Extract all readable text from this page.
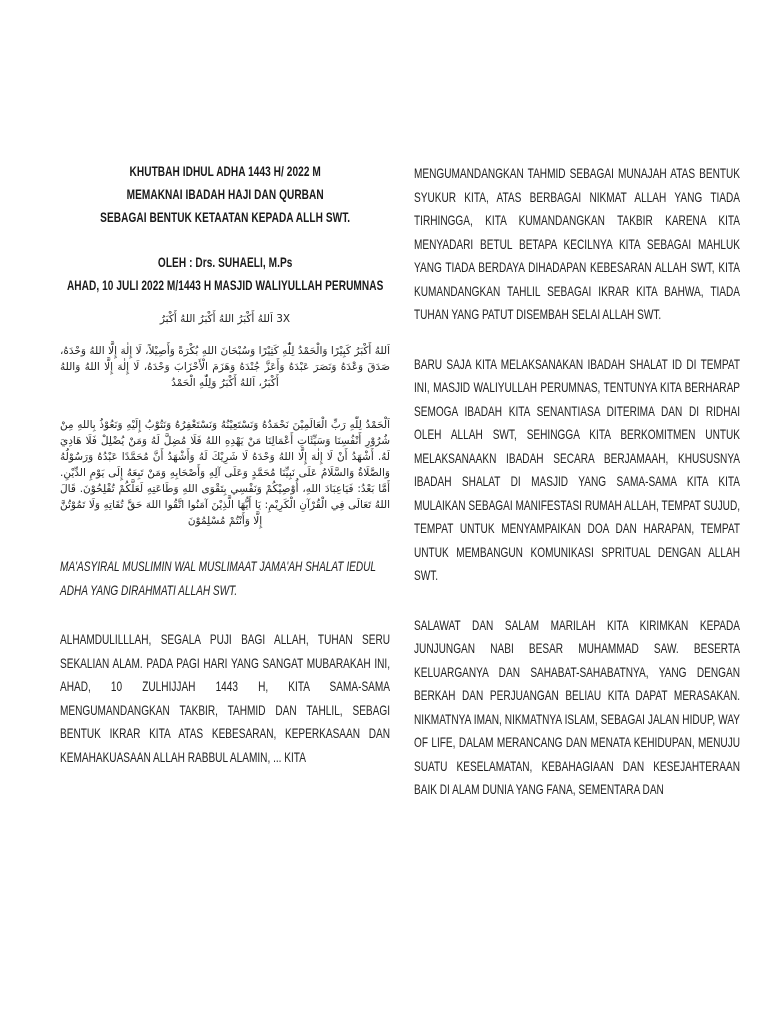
KHUTBAH IDHUL ADHA 1443 H/ 2022 M
MEMAKNAI IBADAH HAJI DAN QURBAN
SEBAGAI BENTUK KETAATAN KEPADA ALLH SWT.
OLEH : Drs. SUHAELI, M.Ps
AHAD, 10 JULI 2022 M/1443 H MASJID WALIYULLAH PERUMNAS
3X اَللهُ أَكْبَرُ اللهُ أَكْبَرُ اللهُ أَكْبَرُ
اَللهُ أَكْبَرُ كَبِيْرًا وَالْحَمْدُ لِلّٰهِ كَثِيْرًا وَسُبْحَانَ اللهِ بُكْرَةً وَأَصِيْلاً، لَا إِلٰهَ إِلَّا اللهُ وَحْدَهُ، صَدَقَ وَعْدَهُ وَنَصَرَ عَبْدَهُ وَأَعَزَّ جُنْدَهُ وَهَزَمَ الْأَحْزَابَ وَحْدَهُ، لَا إِلٰهَ إِلَّا اللهُ وَاللهُ أَكْبَرُ، اَللهُ أَكْبَرُ وَلِلّٰهِ الْحَمْدُ
اَلْحَمْدُ لِلّٰهِ رَبِّ الْعَالَمِيْنَ نَحْمَدُهُ وَنَسْتَعِيْنُهُ وَنَسْتَغْفِرُهُ وَنَتُوْبُ إِلَيْهِ وَنَعُوْذُ بِاللهِ مِنْ شُرُوْرِ أَنْفُسِنَا وَسَيِّئَاتِ أَعْمَالِنَا مَنْ يَهْدِهِ اللهُ فَلَا مُضِلَّ لَهُ وَمَنْ يُضْلِلْ فَلَا هَادِيَ لَهُ. أَشْهَدُ أَنْ لَا إِلٰهَ إِلَّا اللهُ وَحْدَهُ لَا شَرِيْكَ لَهُ وَأَشْهَدُ أَنَّ مُحَمَّدًا عَبْدُهُ وَرَسُوْلُهُ وَالصَّلَاةُ وَالسَّلَامُ عَلَى نَبِيِّنَا مُحَمَّدٍ وَعَلَى آلِهِ وَأَصْحَابِهِ وَمَنْ تَبِعَهُ إِلَى يَوْمِ الدِّيْنِ. أَمَّا بَعْدُ: فَيَاعِبَادَ اللهِ، أُوْصِيْكُمْ وَنَفْسِي بِتَقْوَى اللهِ وَطَاعَتِهِ لَعَلَّكُمْ تُفْلِحُوْنَ. قَالَ اللهُ تَعَالَى فِي الْقُرْآنِ الْكَرِيْمِ: يَا أَيُّهَا الَّذِيْنَ آمَنُوا اتَّقُوا اللهَ حَقَّ تُقَاتِهِ وَلَا تَمُوْتُنَّ إِلَّا وَأَنْتُمْ مُسْلِمُوْنَ
MA'ASYIRAL MUSLIMIN WAL MUSLIMAAT JAMA'AH SHALAT IEDUL ADHA YANG DIRAHMATI ALLAH SWT.
ALHAMDULILLLAH, SEGALA PUJI BAGI ALLAH, TUHAN SERU SEKALIAN ALAM. PADA PAGI HARI YANG SANGAT MUBARAKAH INI, AHAD, 10 ZULHIJJAH 1443 H, KITA SAMA-SAMA MENGUMANDANGKAN TAKBIR, TAHMID DAN TAHLIL, SEBAGI BENTUK IKRAR KITA ATAS KEBESARAN, KEPERKASAAN DAN KEMAHAKUASAAN ALLAH RABBUL ALAMIN, ... KITA
MENGUMANDANGKAN TAHMID SEBAGAI MUNAJAH ATAS BENTUK SYUKUR KITA, ATAS BERBAGAI NIKMAT ALLAH YANG TIADA TIRHINGGA, KITA KUMANDANGKAN TAKBIR KARENA KITA MENYADARI BETUL BETAPA KECILNYA KITA SEBAGAI MAHLUK YANG TIADA BERDAYA DIHADAPAN KEBESARAN ALLAH SWT, KITA KUMANDANGKAN TAHLIL SEBAGAI IKRAR KITA BAHWA, TIADA TUHAN YANG PATUT DISEMBAH SELAI ALLAH SWT.
BARU SAJA KITA MELAKSANAKAN IBADAH SHALAT ID DI TEMPAT INI, MASJID WALIYULLAH PERUMNAS, TENTUNYA KITA BERHARAP SEMOGA IBADAH KITA SENANTIASA DITERIMA DAN DI RIDHAI OLEH ALLAH SWT, SEHINGGA KITA BERKOMITMEN UNTUK MELAKSANAAKN IBADAH SECARA BERJAMAAH, KHUSUSNYA IBADAH SHALAT DI MASJID YANG SAMA-SAMA KITA KITA MULAIKAN SEBAGAI MANIFESTASI RUMAH ALLAH, TEMPAT SUJUD, TEMPAT UNTUK MENYAMPAIKAN DOA DAN HARAPAN, TEMPAT UNTUK MEMBANGUN KOMUNIKASI SPRITUAL DENGAN ALLAH SWT.
SALAWAT DAN SALAM MARILAH KITA KIRIMKAN KEPADA JUNJUNGAN NABI BESAR MUHAMMAD SAW. BESERTA KELUARGANYA DAN SAHABAT-SAHABATNYA, YANG DENGAN BERKAH DAN PERJUANGAN BELIAU KITA DAPAT MERASAKAN. NIKMATNYA IMAN, NIKMATNYA ISLAM, SEBAGAI JALAN HIDUP, WAY OF LIFE, DALAM MERANCANG DAN MENATA KEHIDUPAN, MENUJU SUATU KESELAMATAN, KEBAHAGIAAN DAN KESEJAHTERAAN BAIK DI ALAM DUNIA YANG FANA, SEMENTARA DAN
